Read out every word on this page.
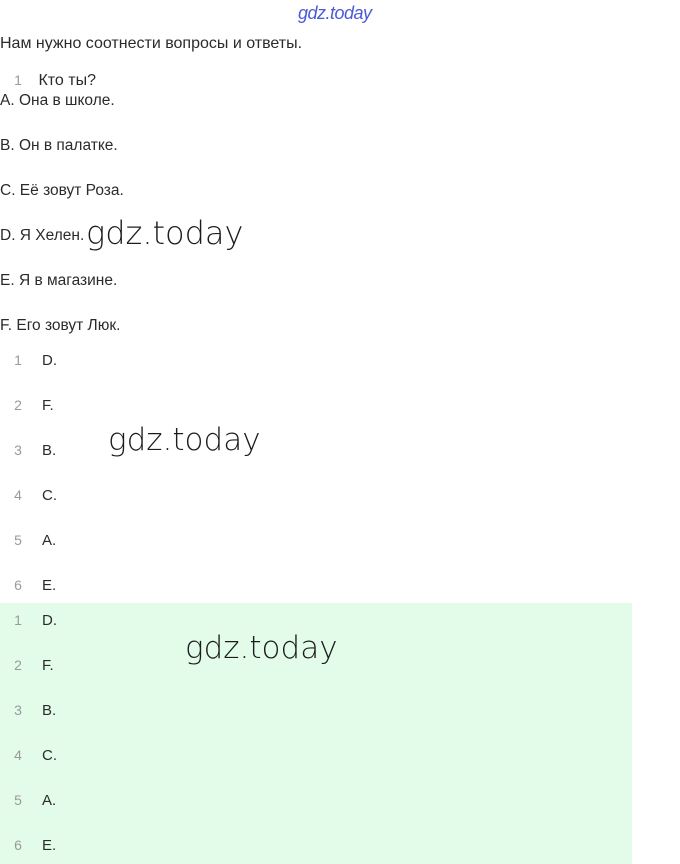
gdz.today
Нам нужно соотнести вопросы и ответы.
1 Кто ты?
A. Она в школе.
B. Он в палатке.
C. Её зовут Роза.
D. Я Хелен. gdz.today
E. Я в магазине.
F. Его зовут Люк.
1 D.
2 F.
3 B. gdz.today
4 C.
5 A.
6 E.
gdz.today
1 D.
2 F.
3 B.
4 C.
5 A.
6 E.
